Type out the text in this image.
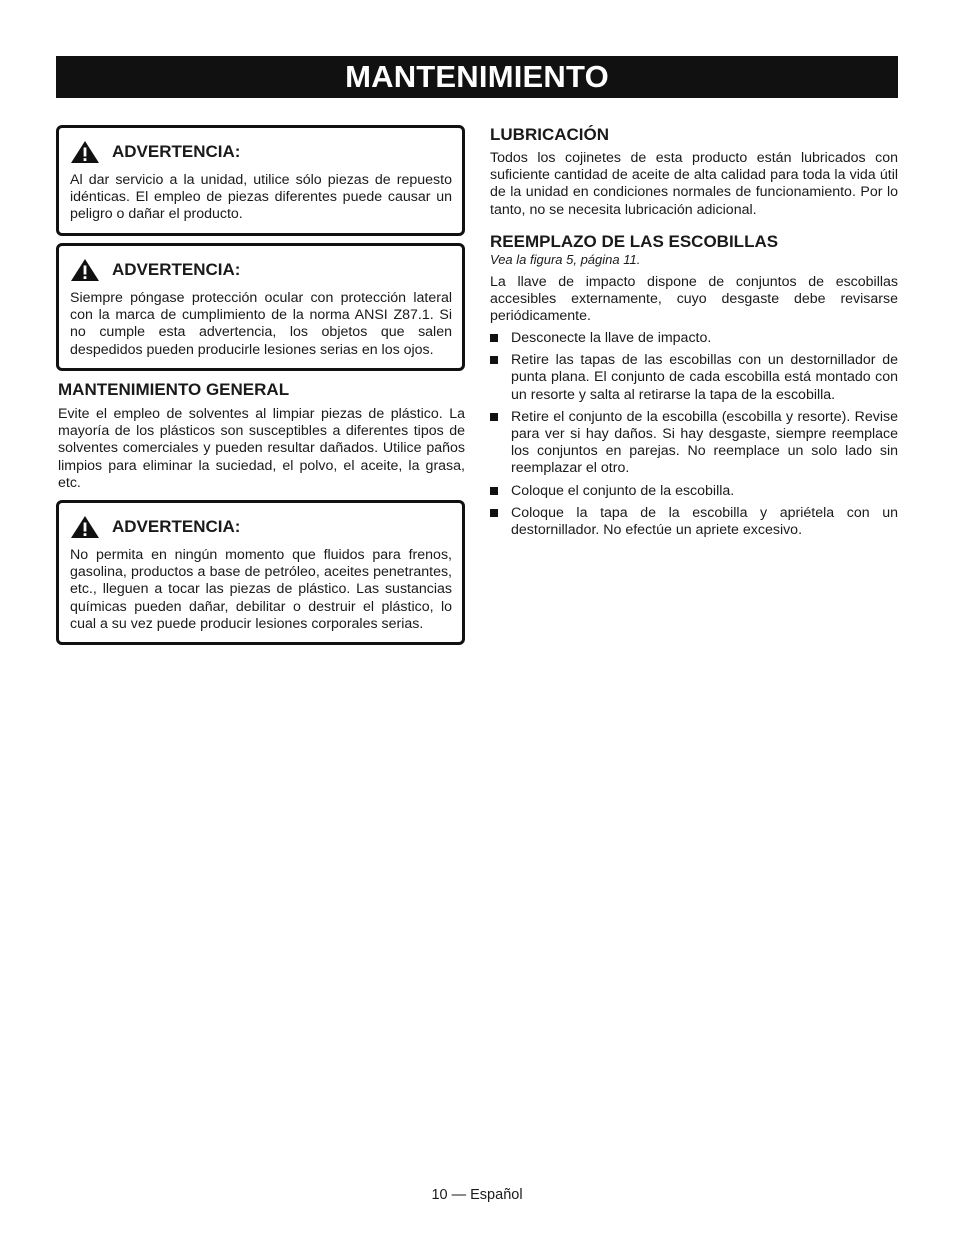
MANTENIMIENTO
ADVERTENCIA:
Al dar servicio a la unidad, utilice sólo piezas de repuesto idénticas. El empleo de piezas diferentes puede causar un peligro o dañar el producto.
ADVERTENCIA:
Siempre póngase protección ocular con protección lateral con la marca de cumplimiento de la norma ANSI Z87.1. Si no cumple esta advertencia, los objetos que salen despedidos pueden producirle lesiones serias en los ojos.
MANTENIMIENTO GENERAL

Evite el empleo de solventes al limpiar piezas de plástico. La mayoría de los plásticos son susceptibles a diferentes tipos de solventes comerciales y pueden resultar dañados. Utilice paños limpios para eliminar la suciedad, el polvo, el aceite, la grasa, etc.

ADVERTENCIA:
No permita en ningún momento que fluidos para frenos, gasolina, productos a base de petróleo, aceites penetrantes, etc., lleguen a tocar las piezas de plástico. Las sustancias químicas pueden dañar, debilitar o destruir el plástico, lo cual a su vez puede producir lesiones corporales serias.
LUBRICACIÓN

Todos los cojinetes de esta producto están lubricados con suficiente cantidad de aceite de alta calidad para toda la vida útil de la unidad en condiciones normales de funcionamiento. Por lo tanto, no se necesita lubricación adicional.

REEMPLAZO DE LAS ESCOBILLAS

Vea la figura 5, página 11.

La llave de impacto dispone de conjuntos de escobillas accesibles externamente, cuyo desgaste debe revisarse periódicamente.

Desconecte la llave de impacto.
Retire las tapas de las escobillas con un destornillador de punta plana. El conjunto de cada escobilla está montado con un resorte y salta al retirarse la tapa de la escobilla.
Retire el conjunto de la escobilla (escobilla y resorte). Revise para ver si hay daños. Si hay desgaste, siempre reemplace los conjuntos en parejas. No reemplace un solo lado sin reemplazar el otro.
Coloque el conjunto de la escobilla.
Coloque la tapa de la escobilla y apriétela con un destornillador. No efectúe un apriete excesivo.
10 — Español
